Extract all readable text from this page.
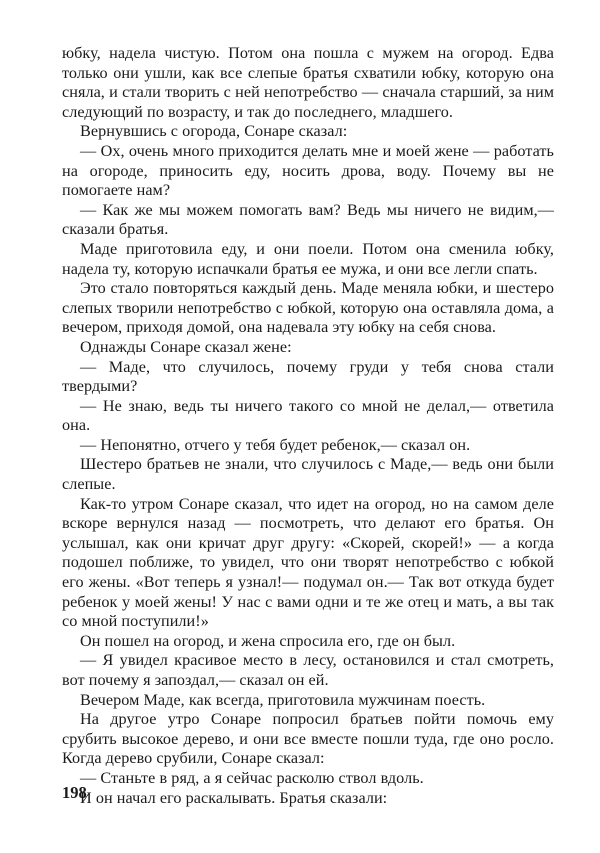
юбку, надела чистую. Потом она пошла с мужем на огород. Едва только они ушли, как все слепые братья схватили юбку, которую она сняла, и стали творить с ней непотребство — сначала старший, за ним следующий по возрасту, и так до последнего, младшего.

Вернувшись с огорода, Сонаре сказал:

— Ох, очень много приходится делать мне и моей жене — работать на огороде, приносить еду, носить дрова, воду. Почему вы не помогаете нам?

— Как же мы можем помогать вам? Ведь мы ничего не видим,— сказали братья.

Маде приготовила еду, и они поели. Потом она сменила юбку, надела ту, которую испачкали братья ее мужа, и они все легли спать.

Это стало повторяться каждый день. Маде меняла юбки, и шестеро слепых творили непотребство с юбкой, которую она оставляла дома, а вечером, приходя домой, она надевала эту юбку на себя снова.

Однажды Сонаре сказал жене:

— Маде, что случилось, почему груди у тебя снова стали твердыми?

— Не знаю, ведь ты ничего такого со мной не делал,— ответила она.

— Непонятно, отчего у тебя будет ребенок,— сказал он.

Шестеро братьев не знали, что случилось с Маде,— ведь они были слепые.

Как-то утром Сонаре сказал, что идет на огород, но на самом деле вскоре вернулся назад — посмотреть, что делают его братья. Он услышал, как они кричат друг другу: «Скорей, скорей!» — а когда подошел поближе, то увидел, что они творят непотребство с юбкой его жены. «Вот теперь я узнал!— подумал он.— Так вот откуда будет ребенок у моей жены! У нас с вами одни и те же отец и мать, а вы так со мной поступили!»

Он пошел на огород, и жена спросила его, где он был.

— Я увидел красивое место в лесу, остановился и стал смотреть, вот почему я запоздал,— сказал он ей.

Вечером Маде, как всегда, приготовила мужчинам поесть.

На другое утро Сонаре попросил братьев пойти помочь ему срубить высокое дерево, и они все вместе пошли туда, где оно росло. Когда дерево срубили, Сонаре сказал:

— Станьте в ряд, а я сейчас расколю ствол вдоль.

И он начал его раскалывать. Братья сказали:

198
